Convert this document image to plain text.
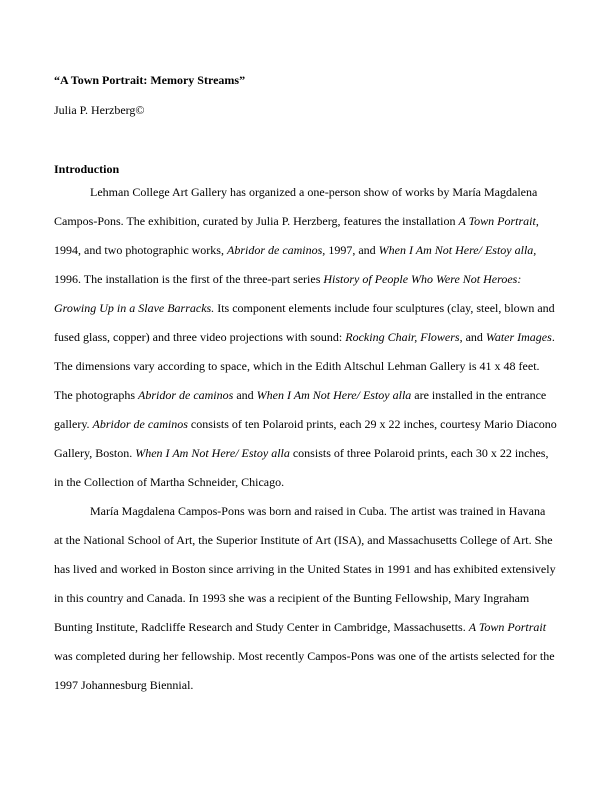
“A Town Portrait: Memory Streams”
Julia P. Herzberg©
Introduction
Lehman College Art Gallery has organized a one-person show of works by María Magdalena
Campos-Pons. The exhibition, curated by Julia P. Herzberg, features the installation A Town Portrait,
1994, and two photographic works, Abridor de caminos, 1997, and When I Am Not Here/ Estoy alla,
1996. The installation is the first of the three-part series History of People Who Were Not Heroes:
Growing Up in a Slave Barracks. Its component elements include four sculptures (clay, steel, blown and
fused glass, copper) and three video projections with sound: Rocking Chair, Flowers, and Water Images.
The dimensions vary according to space, which in the Edith Altschul Lehman Gallery is 41 x 48 feet.
The photographs Abridor de caminos and When I Am Not Here/ Estoy alla are installed in the entrance
gallery. Abridor de caminos consists of ten Polaroid prints, each 29 x 22 inches, courtesy Mario Diacono
Gallery, Boston. When I Am Not Here/ Estoy alla consists of three Polaroid prints, each 30 x 22 inches,
in the Collection of Martha Schneider, Chicago.
María Magdalena Campos-Pons was born and raised in Cuba. The artist was trained in Havana
at the National School of Art, the Superior Institute of Art (ISA), and Massachusetts College of Art. She
has lived and worked in Boston since arriving in the United States in 1991 and has exhibited extensively
in this country and Canada. In 1993 she was a recipient of the Bunting Fellowship, Mary Ingraham
Bunting Institute, Radcliffe Research and Study Center in Cambridge, Massachusetts. A Town Portrait
was completed during her fellowship. Most recently Campos-Pons was one of the artists selected for the
1997 Johannesburg Biennial.
